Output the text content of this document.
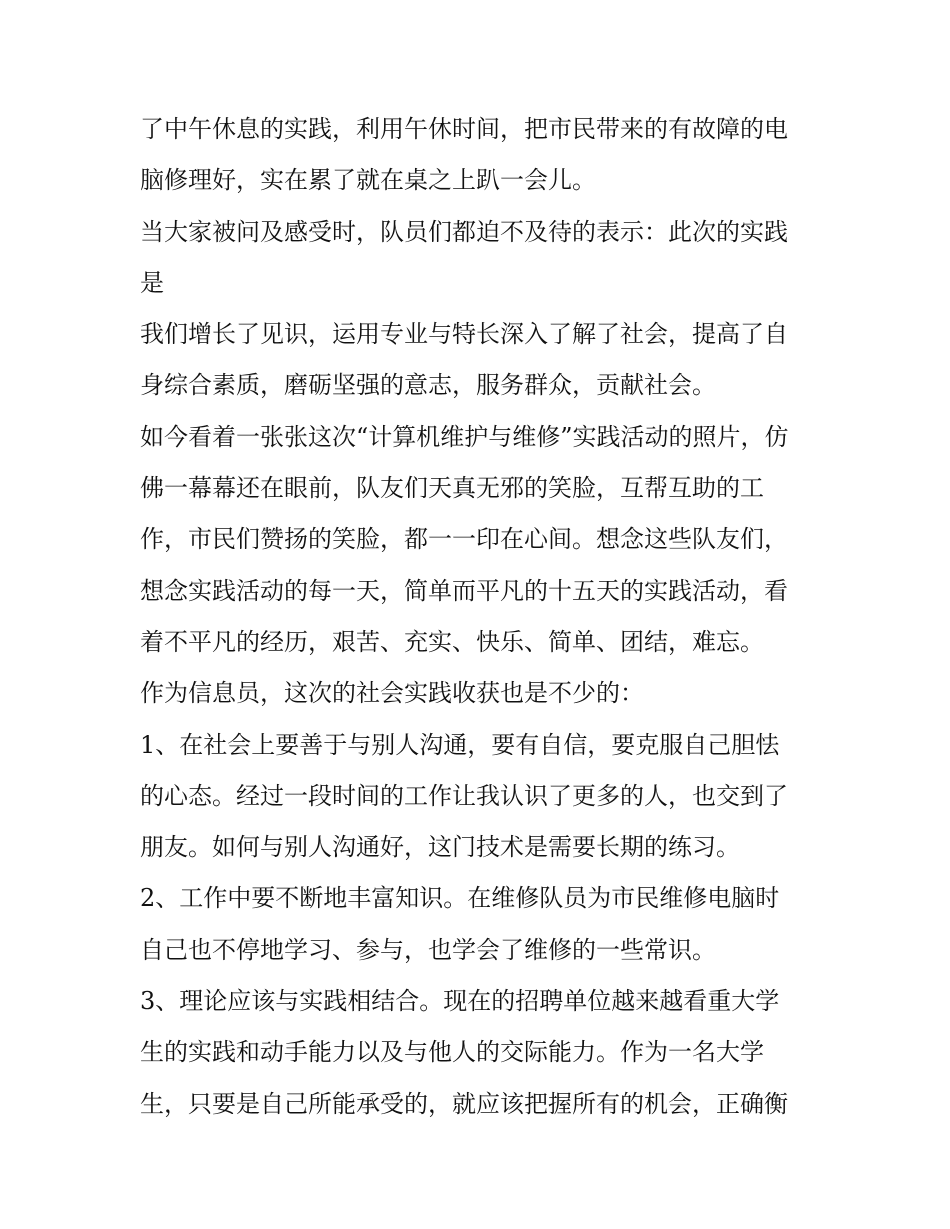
了中午休息的实践，利用午休时间，把市民带来的有故障的电
脑修理好，实在累了就在桌之上趴一会儿。
当大家被问及感受时，队员们都迫不及待的表示：此次的实践
是
我们增长了见识，运用专业与特长深入了解了社会，提高了自
身综合素质，磨砺坚强的意志，服务群众，贡献社会。
如今看着一张张这次“计算机维护与维修”实践活动的照片，仿
佛一幕幕还在眼前，队友们天真无邪的笑脸，互帮互助的工
作，市民们赞扬的笑脸，都一一印在心间。想念这些队友们，
想念实践活动的每一天，简单而平凡的十五天的实践活动，看
着不平凡的经历，艰苦、充实、快乐、简单、团结，难忘。
作为信息员，这次的社会实践收获也是不少的：
1、在社会上要善于与别人沟通，要有自信，要克服自己胆怯
的心态。经过一段时间的工作让我认识了更多的人，也交到了
朋友。如何与别人沟通好，这门技术是需要长期的练习。
2、工作中要不断地丰富知识。在维修队员为市民维修电脑时
自己也不停地学习、参与，也学会了维修的一些常识。
3、理论应该与实践相结合。现在的招聘单位越来越看重大学
生的实践和动手能力以及与他人的交际能力。作为一名大学
生，只要是自己所能承受的，就应该把握所有的机会，正确衡
